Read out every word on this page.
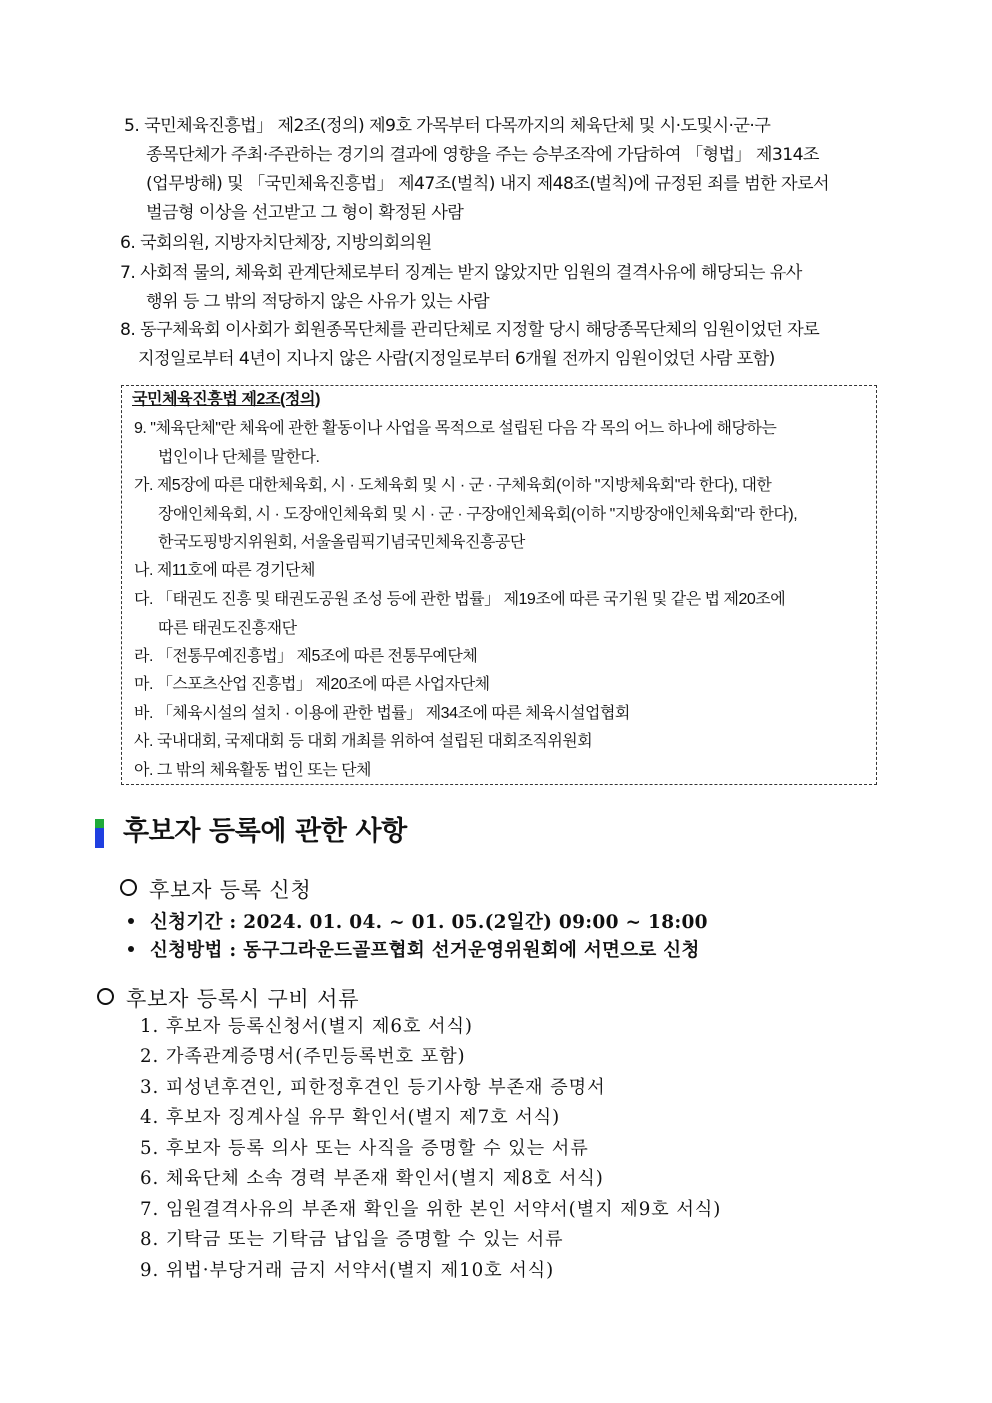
5. 국민체육진흥법」 제2조(정의) 제9호 가목부터 다목까지의 체육단체 및 시·도및시·군·구
종목단체가 주최·주관하는 경기의 결과에 영향을 주는 승부조작에 가담하여 「형법」 제314조
(업무방해) 및 「국민체육진흥법」 제47조(벌칙) 내지 제48조(벌칙)에 규정된 죄를 범한 자로서
벌금형 이상을 선고받고 그 형이 확정된 사람
6. 국회의원, 지방자치단체장, 지방의회의원
7. 사회적 물의, 체육회 관계단체로부터 징계는 받지 않았지만 임원의 결격사유에 해당되는 유사
행위 등 그 밖의 적당하지 않은 사유가 있는 사람
8. 동구체육회 이사회가 회원종목단체를 관리단체로 지정할 당시 해당종목단체의 임원이었던 자로
지정일로부터 4년이 지나지 않은 사람(지정일로부터 6개월 전까지 임원이었던 사람 포함)
국민체육진흥법 제2조(정의)
9. "체육단체"란 체육에 관한 활동이나 사업을 목적으로 설립된 다음 각 목의 어느 하나에 해당하는
법인이나 단체를 말한다.
가. 제5장에 따른 대한체육회, 시 · 도체육회 및 시 · 군 · 구체육회(이하 "지방체육회"라 한다), 대한
장애인체육회, 시 · 도장애인체육회 및 시 · 군 · 구장애인체육회(이하 "지방장애인체육회"라 한다),
한국도핑방지위원회, 서울올림픽기념국민체육진흥공단
나. 제11호에 따른 경기단체
다. 「태권도 진흥 및 태권도공원 조성 등에 관한 법률」 제19조에 따른 국기원 및 같은 법 제20조에
따른 태권도진흥재단
라. 「전통무예진흥법」 제5조에 따른 전통무예단체
마. 「스포츠산업 진흥법」 제20조에 따른 사업자단체
바. 「체육시설의 설치 · 이용에 관한 법률」 제34조에 따른 체육시설업협회
사. 국내대회, 국제대회 등 대회 개최를 위하여 설립된 대회조직위원회
아. 그 밖의 체육활동 법인 또는 단체
후보자 등록에 관한 사항
후보자 등록 신청
신청기간 : 2024. 01. 04. ~ 01. 05.(2일간) 09:00 ~ 18:00
신청방법 : 동구그라운드골프협회 선거운영위원회에 서면으로 신청
후보자 등록시 구비 서류
1. 후보자 등록신청서(별지 제6호 서식)
2. 가족관계증명서(주민등록번호 포함)
3. 피성년후견인, 피한정후견인 등기사항 부존재 증명서
4. 후보자 징계사실 유무 확인서(별지 제7호 서식)
5. 후보자 등록 의사 또는 사직을 증명할 수 있는 서류
6. 체육단체 소속 경력 부존재 확인서(별지 제8호 서식)
7. 임원결격사유의 부존재 확인을 위한 본인 서약서(별지 제9호 서식)
8. 기탁금 또는 기탁금 납입을 증명할 수 있는 서류
9. 위법·부당거래 금지 서약서(별지 제10호 서식)
